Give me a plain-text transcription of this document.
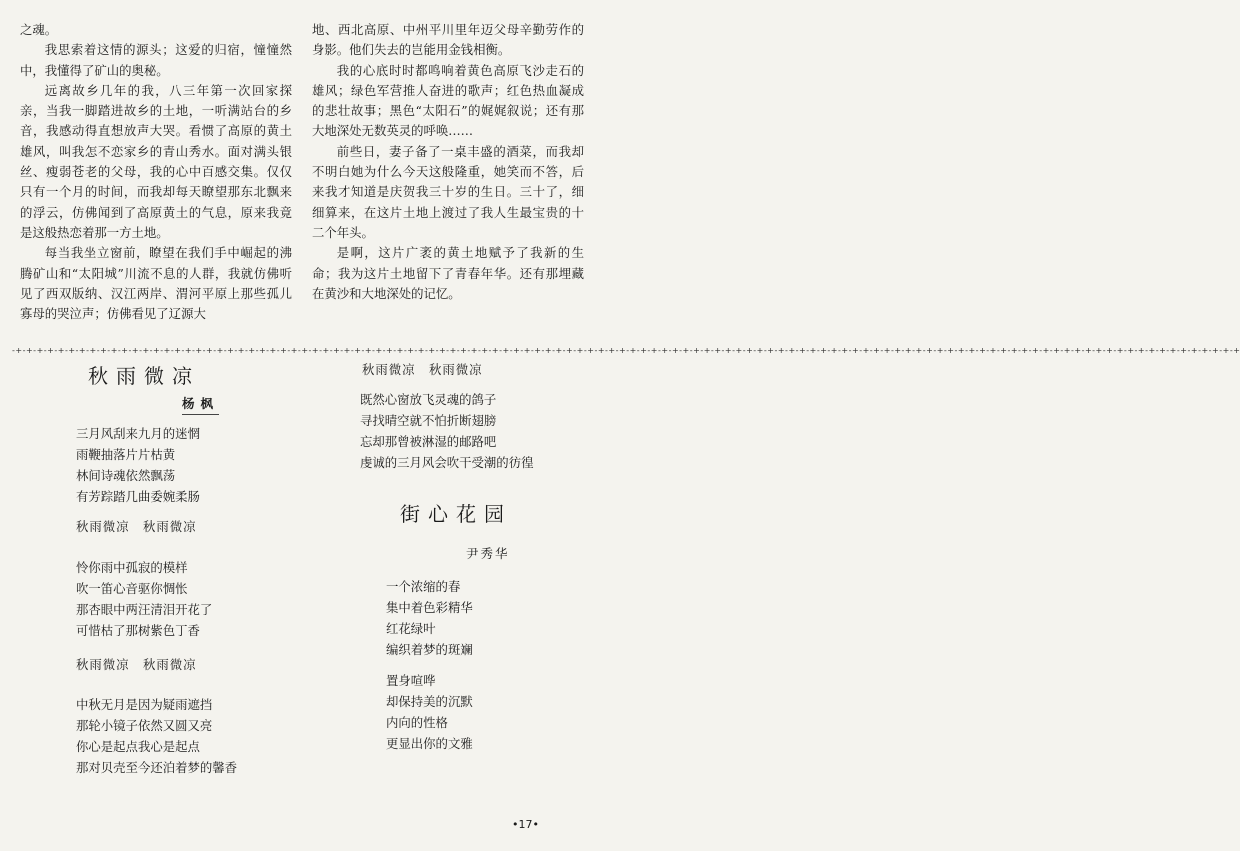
之魂。

我思索着这情的源头；这爱的归宿，憧憧然中，我懂得了矿山的奥秘。

远离故乡几年的我，八三年第一次回家探亲，当我一脚踏进故乡的土地，一听满站台的乡音，我感动得直想放声大哭。看惯了高原的黄土雄风，叫我怎不恋家乡的青山秀水。面对满头银丝、瘦弱苍老的父母，我的心中百感交集。仅仅只有一个月的时间，而我却每天瞭望那东北飘来的浮云，仿佛闻到了高原黄土的气息，原来我竟是这般热恋着那一方土地。

每当我坐立窗前，瞭望在我们手中崛起的沸腾矿山和“太阳城”川流不息的人群，我就仿佛听见了西双版纳、汉江两岸、渭河平原上那些孤儿寡母的哭泣声；仿佛看见了辽源大

地、西北高原、中州平川里年迈父母辛勤劳作的身影。他们失去的岂能用金钱相衡。

我的心底时时都鸣响着黄色高原飞沙走石的雄风；绿色军营推人奋进的歌声；红色热血凝成的悲壮故事；黑色“太阳石”的娓娓叙说；还有那大地深处无数英灵的呼唤……

前些日，妻子备了一桌丰盛的酒菜，而我却不明白她为什么今天这般隆重，她笑而不答，后来我才知道是庆贺我三十岁的生日。三十了，细细算来，在这片土地上渡过了我人生最宝贵的十二个年头。

是啊，这片广袤的黄土地赋予了我新的生命；我为这片土地留下了青春年华。还有那埋藏在黄沙和大地深处的记忆。

-+-+-+-+-+-+-+-+-+-+-+-+-+-+-+-+-+-+-+-+-+-+-+-+-+-+-+-+-+-+-+-+-+-+-+-+-+-+-+-+-+-+-+-+-+-+-+-+-+-+-+-+-+-+-+-+-+-+-+-+-+-+-+-+-+-+-+-+-+-+-+-+-+-+-+-+-+-+-+-+-+-+-+-+-+-+-+-+-+-+-+-+-+-+-+-+-+-+-+-+-+-+-+-+-+-+-+-+-+-+-+-+-+-+-+-+
秋雨微凉
杨枫
三月风刮来九月的迷惘
雨鞭抽落片片枯黄
林间诗魂依然飘荡
有芳踪踏几曲委婉柔肠
秋雨微凉　秋雨微凉
怜你雨中孤寂的模样
吹一笛心音驱你惆怅
那杏眼中两汪清泪开花了
可惜枯了那树紫色丁香
秋雨微凉　秋雨微凉
中秋无月是因为疑雨遮挡
那轮小镜子依然又圆又亮
你心是起点我心是起点
那对贝壳至今还泊着梦的馨香
秋雨微凉　秋雨微凉
既然心窗放飞灵魂的鸽子
寻找晴空就不怕折断翅膀
忘却那曾被淋湿的邮路吧
虔诚的三月风会吹干受潮的彷徨
街心花园
尹秀华
一个浓缩的春
集中着色彩精华
红花绿叶
编织着梦的斑斓
置身喧哗
却保持美的沉默
内向的性格
更显出你的文雅
•17•
